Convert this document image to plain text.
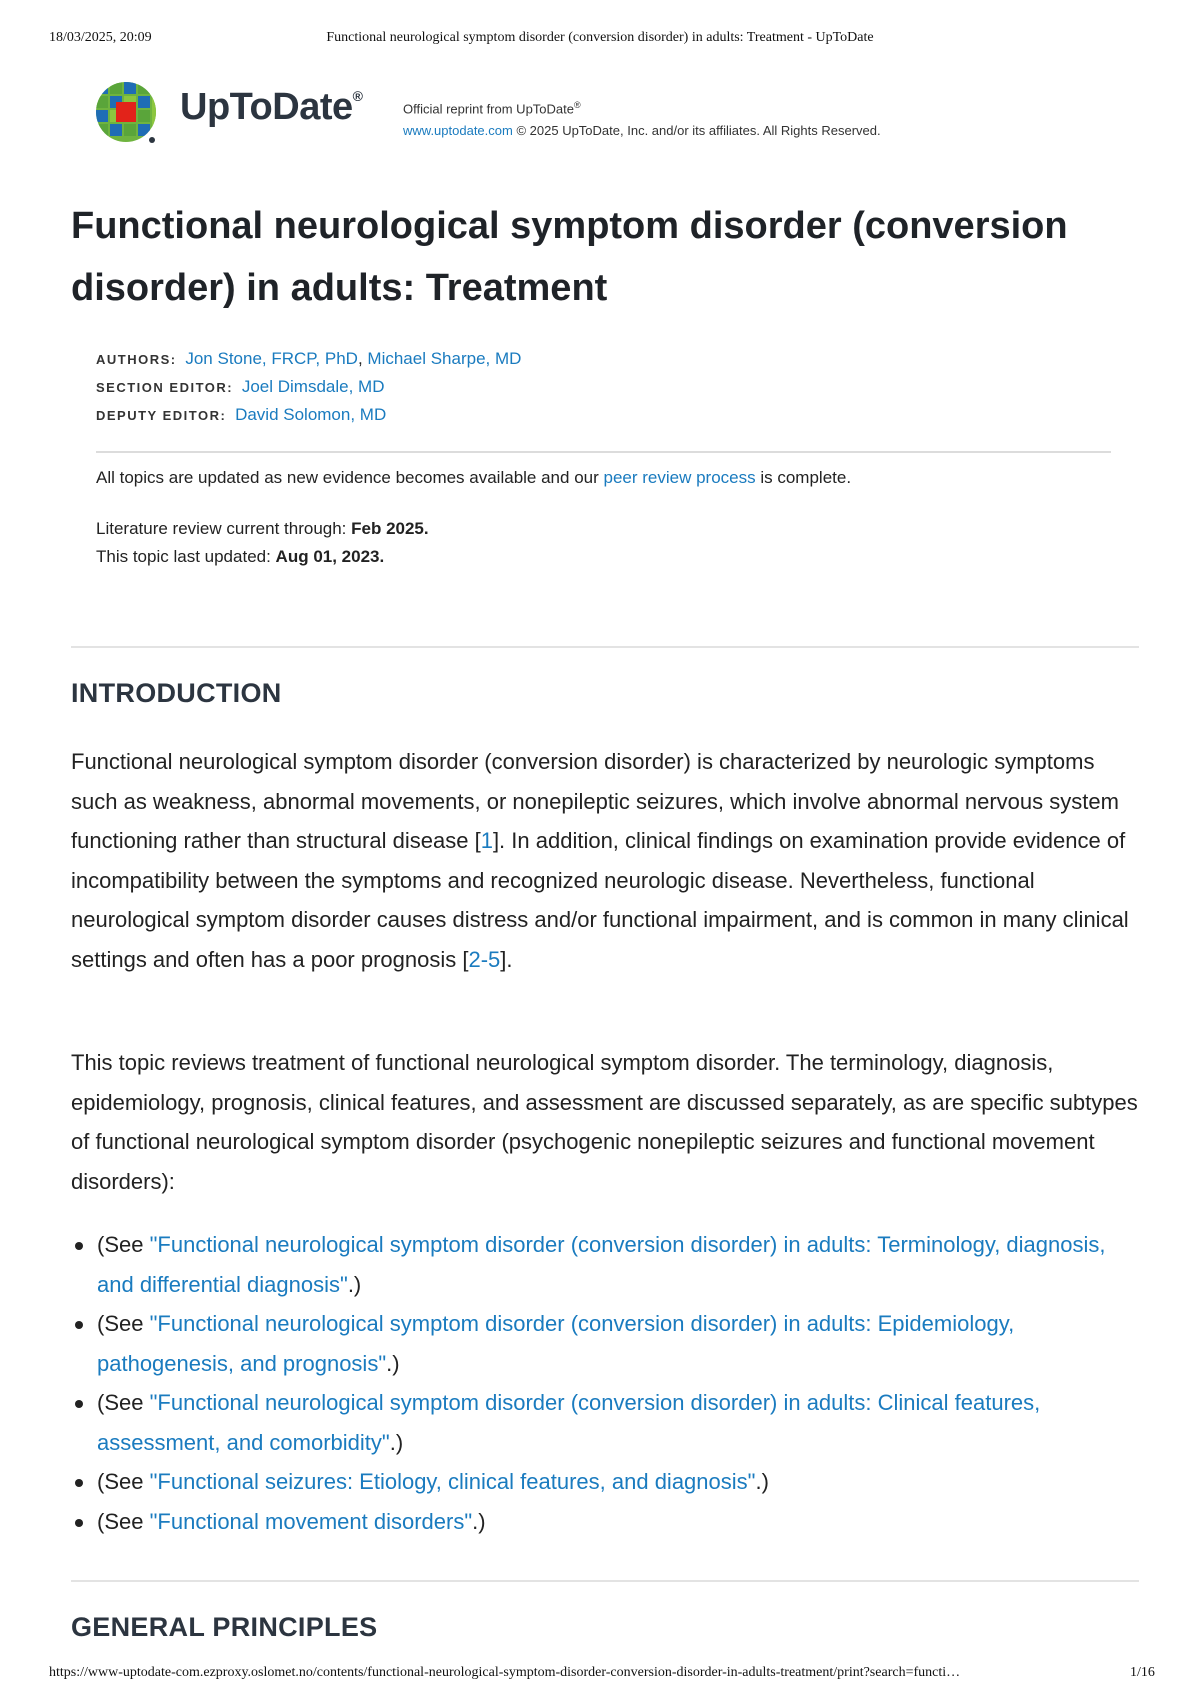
18/03/2025, 20:09	Functional neurological symptom disorder (conversion disorder) in adults: Treatment - UpToDate
UpToDate®
Official reprint from UpToDate®
www.uptodate.com © 2025 UpToDate, Inc. and/or its affiliates. All Rights Reserved.
Functional neurological symptom disorder (conversion disorder) in adults: Treatment
AUTHORS: Jon Stone, FRCP, PhD, Michael Sharpe, MD
SECTION EDITOR: Joel Dimsdale, MD
DEPUTY EDITOR: David Solomon, MD
All topics are updated as new evidence becomes available and our peer review process is complete.
Literature review current through: Feb 2025.
This topic last updated: Aug 01, 2023.
INTRODUCTION

Functional neurological symptom disorder (conversion disorder) is characterized by neurologic symptoms such as weakness, abnormal movements, or nonepileptic seizures, which involve abnormal nervous system functioning rather than structural disease [1]. In addition, clinical findings on examination provide evidence of incompatibility between the symptoms and recognized neurologic disease. Nevertheless, functional neurological symptom disorder causes distress and/or functional impairment, and is common in many clinical settings and often has a poor prognosis [2-5].

This topic reviews treatment of functional neurological symptom disorder. The terminology, diagnosis, epidemiology, prognosis, clinical features, and assessment are discussed separately, as are specific subtypes of functional neurological symptom disorder (psychogenic nonepileptic seizures and functional movement disorders):

(See "Functional neurological symptom disorder (conversion disorder) in adults: Terminology, diagnosis, and differential diagnosis".)
(See "Functional neurological symptom disorder (conversion disorder) in adults: Epidemiology, pathogenesis, and prognosis".)
(See "Functional neurological symptom disorder (conversion disorder) in adults: Clinical features, assessment, and comorbidity".)
(See "Functional seizures: Etiology, clinical features, and diagnosis".)
(See "Functional movement disorders".)
GENERAL PRINCIPLES
https://www-uptodate-com.ezproxy.oslomet.no/contents/functional-neurological-symptom-disorder-conversion-disorder-in-adults-treatment/print?search=functi…	1/16
